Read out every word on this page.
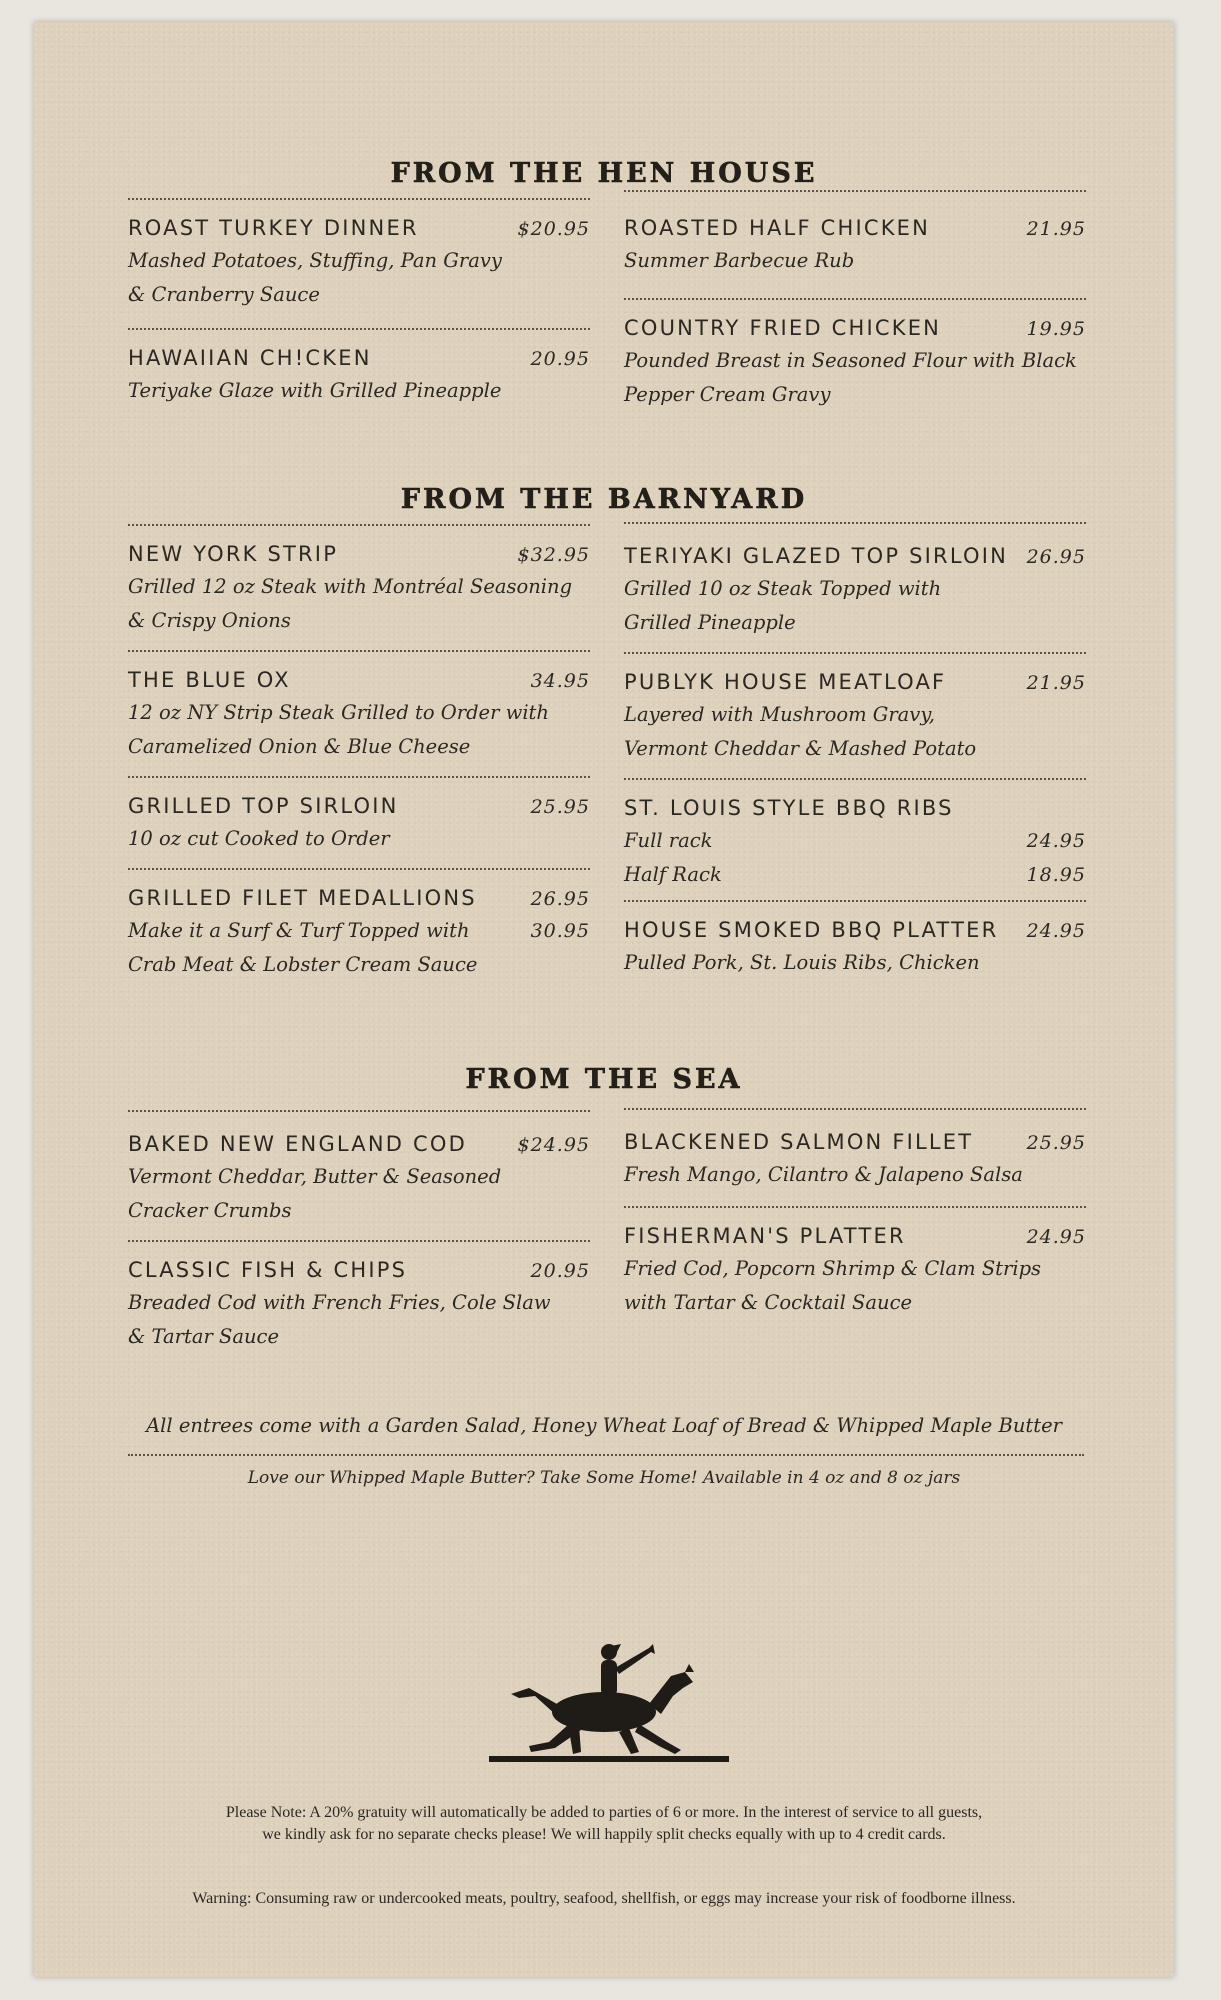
FROM THE HEN HOUSE
ROAST TURKEY DINNER	$20.95
Mashed Potatoes, Stuffing, Pan Gravy
& Cranberry Sauce
HAWAIIAN CH!CKEN	20.95
Teriyake Glaze with Grilled Pineapple
ROASTED HALF CHICKEN	21.95
Summer Barbecue Rub
COUNTRY FRIED CHICKEN	19.95
Pounded Breast in Seasoned Flour with Black
Pepper Cream Gravy
FROM THE BARNYARD
NEW YORK STRIP	$32.95
Grilled 12 oz Steak with Montréal Seasoning
& Crispy Onions
THE BLUE OX	34.95
12 oz NY Strip Steak Grilled to Order with
Caramelized Onion & Blue Cheese
GRILLED TOP SIRLOIN	25.95
10 oz cut Cooked to Order
GRILLED FILET MEDALLIONS	26.95
Make it a Surf & Turf Topped with	30.95
Crab Meat & Lobster Cream Sauce
TERIYAKI GLAZED TOP SIRLOIN 26.95
Grilled 10 oz Steak Topped with
Grilled Pineapple
PUBLYK HOUSE MEATLOAF	21.95
Layered with Mushroom Gravy,
Vermont Cheddar & Mashed Potato
ST. LOUIS STYLE BBQ RIBS
Full rack	24.95
Half Rack	18.95
HOUSE SMOKED BBQ PLATTER 24.95
Pulled Pork, St. Louis Ribs, Chicken
FROM THE SEA
BAKED NEW ENGLAND COD	$24.95
Vermont Cheddar, Butter & Seasoned
Cracker Crumbs
CLASSIC FISH & CHIPS	20.95
Breaded Cod with French Fries, Cole Slaw
& Tartar Sauce
BLACKENED SALMON FILLET	25.95
Fresh Mango, Cilantro & Jalapeno Salsa
FISHERMAN'S PLATTER	24.95
Fried Cod, Popcorn Shrimp & Clam Strips
with Tartar & Cocktail Sauce
All entrees come with a Garden Salad, Honey Wheat Loaf of Bread & Whipped Maple Butter
Love our Whipped Maple Butter? Take Some Home! Available in 4 oz and 8 oz jars
Please Note: A 20% gratuity will automatically be added to parties of 6 or more. In the interest of service to all guests,
we kindly ask for no separate checks please! We will happily split checks equally with up to 4 credit cards.
Warning: Consuming raw or undercooked meats, poultry, seafood, shellfish, or eggs may increase your risk of foodborne illness.
